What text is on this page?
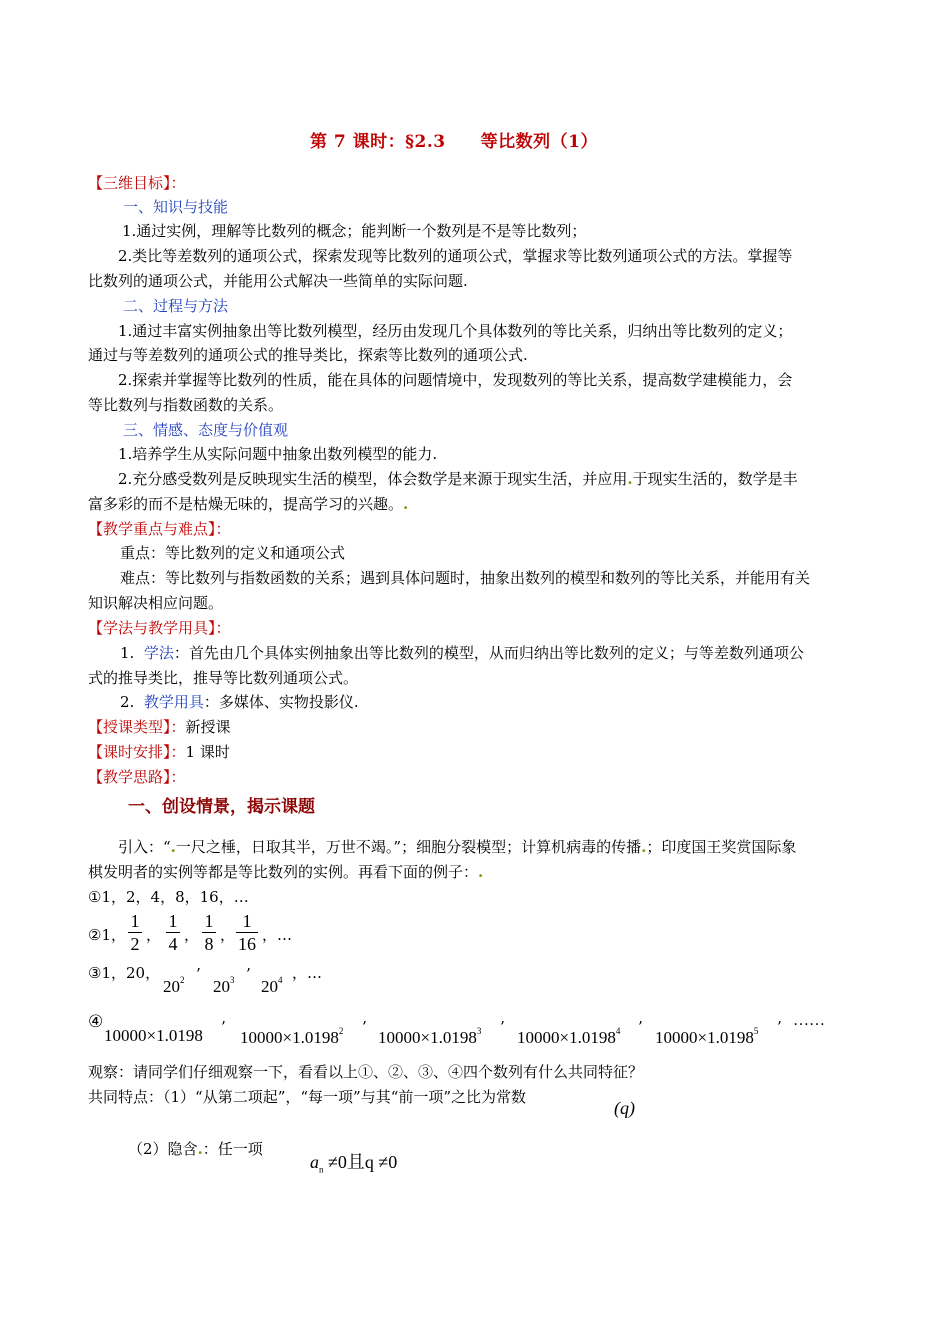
第 7 课时：§2.3　　等比数列（1）
【三维目标】：
一、知识与技能
1.通过实例，理解等比数列的概念；能判断一个数列是不是等比数列；
2.类比等差数列的通项公式，探索发现等比数列的通项公式，掌握求等比数列通项公式的方法。掌握等
比数列的通项公式，并能用公式解决一些简单的实际问题.
二、过程与方法
1.通过丰富实例抽象出等比数列模型，经历由发现几个具体数列的等比关系，归纳出等比数列的定义；
通过与等差数列的通项公式的推导类比，探索等比数列的通项公式.
2.探索并掌握等比数列的性质，能在具体的问题情境中，发现数列的等比关系，提高数学建模能力，会
等比数列与指数函数的关系。
三、情感、态度与价值观
1.培养学生从实际问题中抽象出数列模型的能力.
2.充分感受数列是反映现实生活的模型，体会数学是来源于现实生活，并应用.于现实生活的，数学是丰
富多彩的而不是枯燥无味的，提高学习的兴趣。.
【教学重点与难点】：
重点：等比数列的定义和通项公式
难点：等比数列与指数函数的关系；遇到具体问题时，抽象出数列的模型和数列的等比关系，并能用有关
知识解决相应问题。
【学法与教学用具】：
1. 学法：首先由几个具体实例抽象出等比数列的模型，从而归纳出等比数列的定义；与等差数列通项公
式的推导类比，推导等比数列通项公式。
2. 教学用具：多媒体、实物投影仪.
【授课类型】：新授课
【课时安排】：1 课时
【教学思路】：
一、创设情景，揭示课题
引入：“.一尺之棰，日取其半，万世不竭。”；细胞分裂模型；计算机病毒的传播.；印度国王奖赏国际象
棋发明者的实例等都是等比数列的实例。再看下面的例子：.
①1，2，4，8，16，…
②1，
1
2 ，
1
4 ，
1
8 ，
1
16 ，…
③1，20，
$20^2$ ’
$20^3$ ’
$20^4$ ，…
④
10000×1.0198 ’
$10000\times 1.0198^2$ ’
$10000\times 1.0198^3$ ’
$10000\times 1.0198^4$ ’
$10000\times 1.0198^5$ ’ ……
观察：请同学们仔细观察一下，看看以上①、②、③、④四个数列有什么共同特征？
共同特点：（1）“从第二项起”，“每一项”与其“前一项”之比为常数
(q)
（2）隐含.：任一项
$a_n \ne 0$且q ≠0
